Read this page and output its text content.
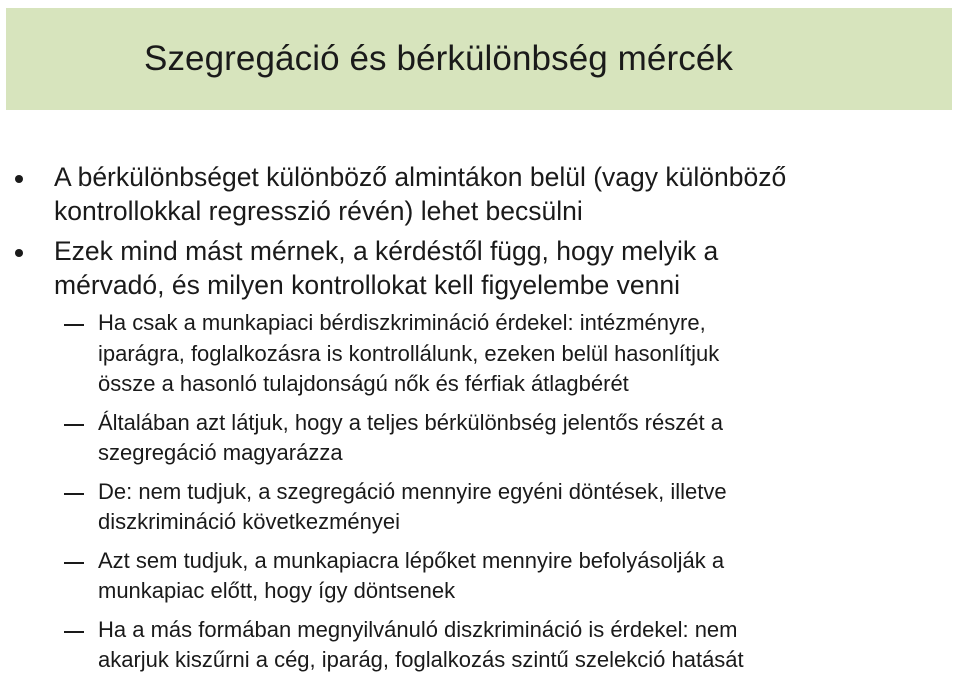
Szegregáció és bérkülönbség mércék
A bérkülönbséget különböző almintákon belül (vagy különböző
kontrollokkal regresszió révén) lehet becsülni
Ezek mind mást mérnek, a kérdéstől függ, hogy melyik a
mérvadó, és milyen kontrollokat kell figyelembe venni
Ha csak a munkapiaci bérdiszkrimináció érdekel: intézményre,
iparágra, foglalkozásra is kontrollálunk, ezeken belül hasonlítjuk
össze a hasonló tulajdonságú nők és férfiak átlagbérét
Általában azt látjuk, hogy a teljes bérkülönbség jelentős részét a
szegregáció magyarázza
De: nem tudjuk, a szegregáció mennyire egyéni döntések, illetve
diszkrimináció következményei
Azt sem tudjuk, a munkapiacra lépőket mennyire befolyásolják a
munkapiac előtt, hogy így döntsenek
Ha a más formában megnyilvánuló diszkrimináció is érdekel: nem
akarjuk kiszűrni a cég, iparág, foglalkozás szintű szelekció hatását
